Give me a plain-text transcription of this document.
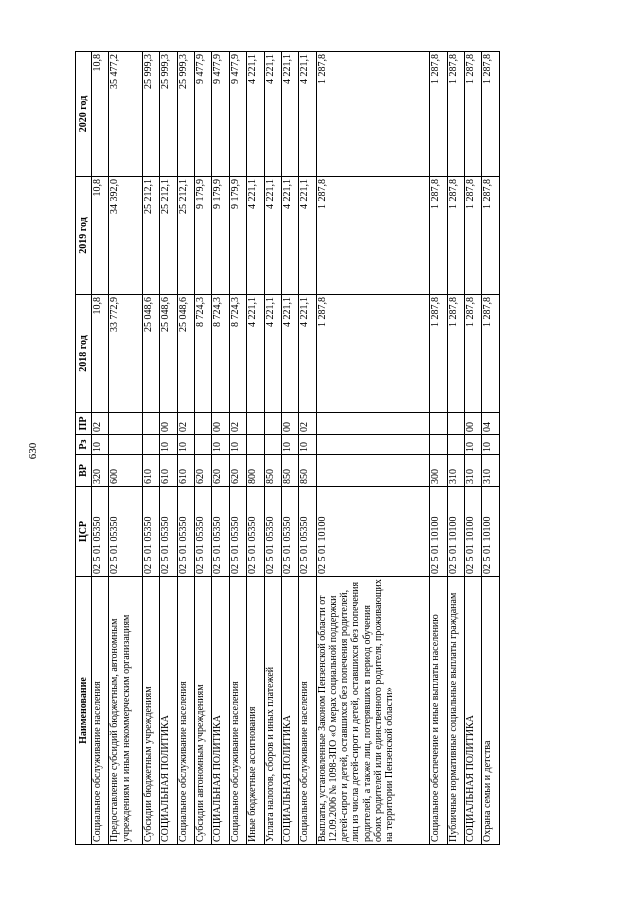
630
Наименование	ЦСР	ВР	Рз	ПР	2018 год	2019 год	2020 год
Социальное обслуживание населения	02 5 01 05350	320	10	02	10,8	10,8	10,8
Предоставление субсидий бюджетным, автономным учреждениям и иным некоммерческим организациям	02 5 01 05350	600			33 772,9	34 392,0	35 477,2
Субсидии бюджетным учреждениям	02 5 01 05350	610			25 048,6	25 212,1	25 999,3
СОЦИАЛЬНАЯ ПОЛИТИКА	02 5 01 05350	610	10	00	25 048,6	25 212,1	25 999,3
Социальное обслуживание населения	02 5 01 05350	610	10	02	25 048,6	25 212,1	25 999,3
Субсидии автономным учреждениям	02 5 01 05350	620			8 724,3	9 179,9	9 477,9
СОЦИАЛЬНАЯ ПОЛИТИКА	02 5 01 05350	620	10	00	8 724,3	9 179,9	9 477,9
Социальное обслуживание населения	02 5 01 05350	620	10	02	8 724,3	9 179,9	9 477,9
Иные бюджетные ассигнования	02 5 01 05350	800			4 221,1	4 221,1	4 221,1
Уплата налогов, сборов и иных платежей	02 5 01 05350	850			4 221,1	4 221,1	4 221,1
СОЦИАЛЬНАЯ ПОЛИТИКА	02 5 01 05350	850	10	00	4 221,1	4 221,1	4 221,1
Социальное обслуживание населения	02 5 01 05350	850	10	02	4 221,1	4 221,1	4 221,1
Выплаты, установленные Законом Пензенской области от 12.09.2006 № 1098-ЗПО «О мерах социальной поддержки детей-сирот и детей, оставшихся без попечения родителей, лиц из числа детей-сирот и детей, оставшихся без попечения родителей, а также лиц, потерявших в период обучения обоих родителей или единственного родителя, проживающих на территории Пензенской области»	02 5 01 10100				1 287,8	1 287,8	1 287,8
Социальное обеспечение и иные выплаты населению	02 5 01 10100	300			1 287,8	1 287,8	1 287,8
Публичные нормативные социальные выплаты гражданам	02 5 01 10100	310			1 287,8	1 287,8	1 287,8
СОЦИАЛЬНАЯ ПОЛИТИКА	02 5 01 10100	310	10	00	1 287,8	1 287,8	1 287,8
Охрана семьи и детства	02 5 01 10100	310	10	04	1 287,8	1 287,8	1 287,8
